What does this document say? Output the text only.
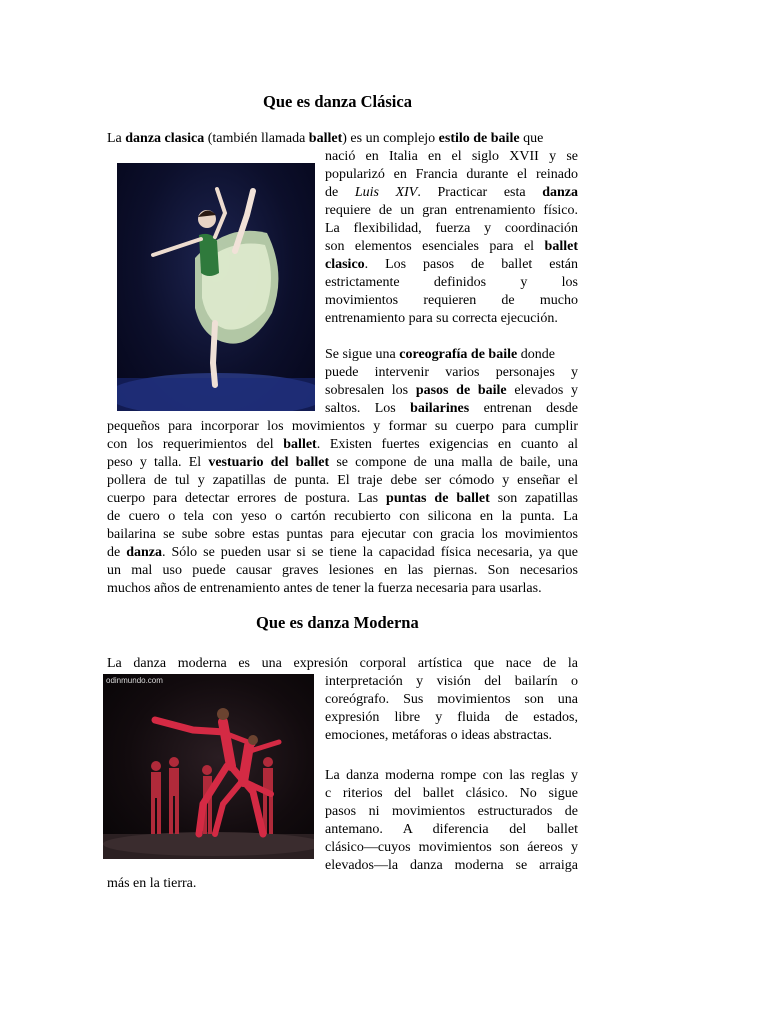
Que es danza Clásica

La danza clasica (también llamada ballet) es un complejo estilo de baile que

nació en Italia en el siglo XVII y se

popularizó en Francia durante el reinado

de Luis XIV. Practicar esta danza

requiere de un gran entrenamiento físico.

La flexibilidad, fuerza y coordinación

son elementos esenciales para el ballet

clasico. Los pasos de ballet están

estrictamente definidos y los

movimientos requieren de mucho

entrenamiento para su correcta ejecución.

Se sigue una coreografía de baile donde

puede intervenir varios personajes y

sobresalen los pasos de baile elevados y

saltos. Los bailarines entrenan desde

pequeños para incorporar los movimientos y formar su cuerpo para cumplir

con los requerimientos del ballet. Existen fuertes exigencias en cuanto al

peso y talla. El vestuario del ballet se compone de una malla de baile, una

pollera de tul y zapatillas de punta. El traje debe ser cómodo y enseñar el

cuerpo para detectar errores de postura. Las puntas de ballet son zapatillas

de cuero o tela con yeso o cartón recubierto con silicona en la punta. La

bailarina se sube sobre estas puntas para ejecutar con gracia los movimientos

de danza. Sólo se pueden usar si se tiene la capacidad física necesaria, ya que

un mal uso puede causar graves lesiones en las piernas. Son necesarios

muchos años de entrenamiento antes de tener la fuerza necesaria para usarlas.

Que es danza Moderna
odinmundo.com

La danza moderna es una expresión corporal artística que nace de la

interpretación y visión del bailarín o

coreógrafo. Sus movimientos son una

expresión libre y fluida de estados,

emociones, metáforas o ideas abstractas.

La danza moderna rompe con las reglas y

c riterios del ballet clásico. No sigue

pasos ni movimientos estructurados de

antemano. A diferencia del ballet

clásico—cuyos movimientos son áereos y

elevados—la danza moderna se arraiga

más en la tierra.
